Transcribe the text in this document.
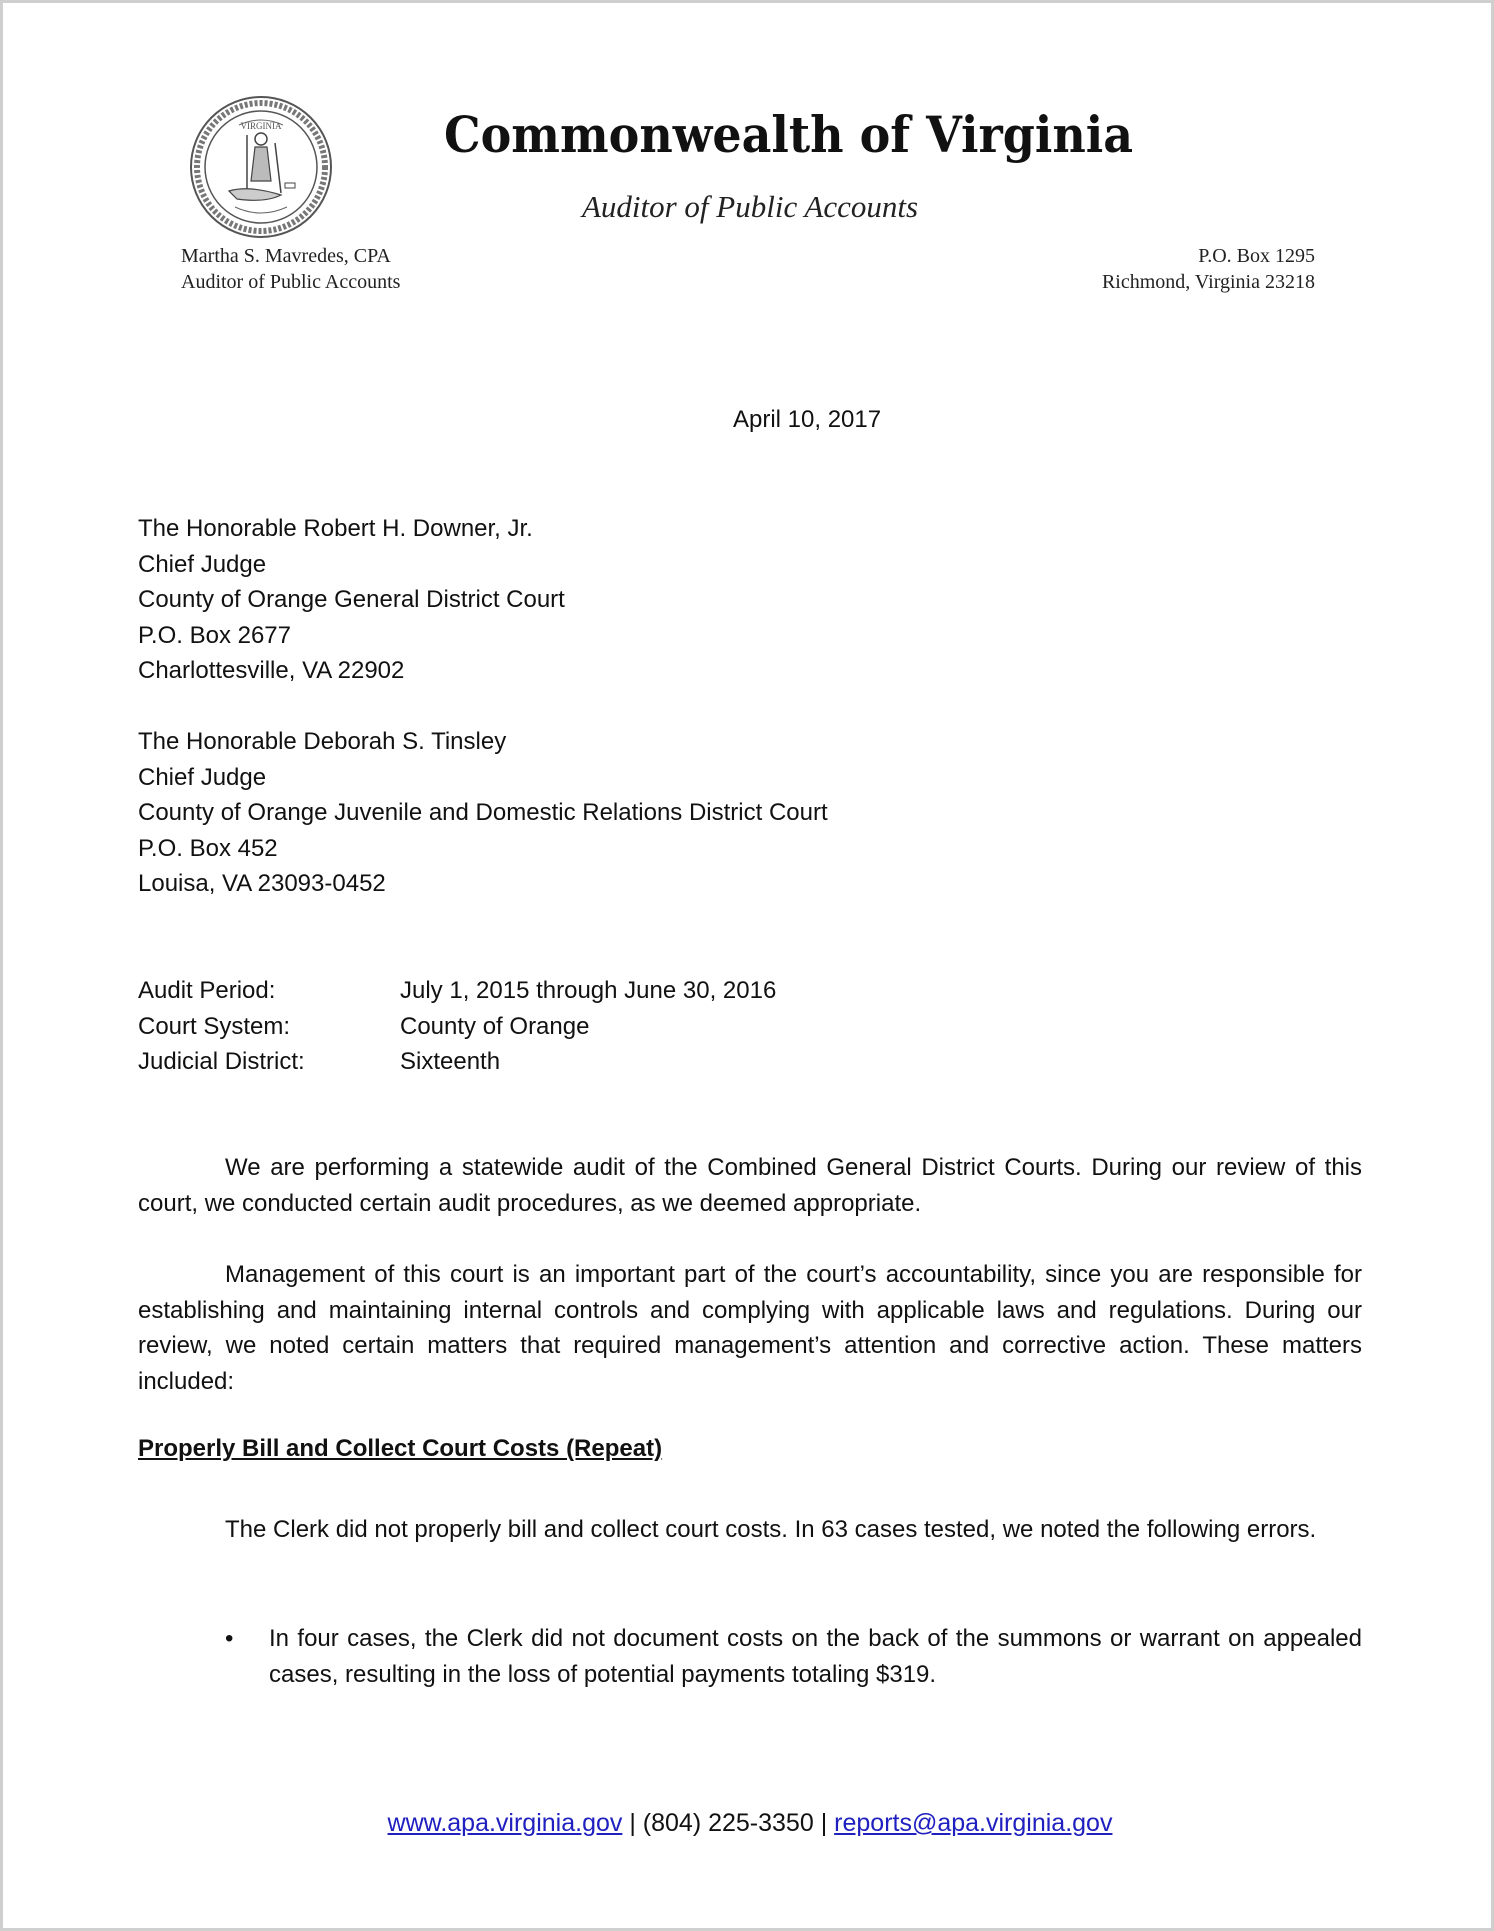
VIRGINIA	Commonwealth of Virginia
Auditor of Public Accounts
Martha S. Mavredes, CPA
Auditor of Public Accounts
P.O. Box 1295
Richmond, Virginia 23218
April 10, 2017
The Honorable Robert H. Downer, Jr.
Chief Judge
County of Orange General District Court
P.O. Box 2677
Charlottesville, VA 22902
The Honorable Deborah S. Tinsley
Chief Judge
County of Orange Juvenile and Domestic Relations District Court
P.O. Box 452
Louisa, VA 23093-0452
Audit Period:	July 1, 2015 through June 30, 2016
Court System:	County of Orange
Judicial District:	Sixteenth
We are performing a statewide audit of the Combined General District Courts. During our review of this court, we conducted certain audit procedures, as we deemed appropriate.
Management of this court is an important part of the court’s accountability, since you are responsible for establishing and maintaining internal controls and complying with applicable laws and regulations. During our review, we noted certain matters that required management’s attention and corrective action. These matters included:
Properly Bill and Collect Court Costs (Repeat)
The Clerk did not properly bill and collect court costs. In 63 cases tested, we noted the following errors.
• In four cases, the Clerk did not document costs on the back of the summons or warrant on appealed cases, resulting in the loss of potential payments totaling $319.
www.apa.virginia.gov | (804) 225-3350 | reports@apa.virginia.gov
